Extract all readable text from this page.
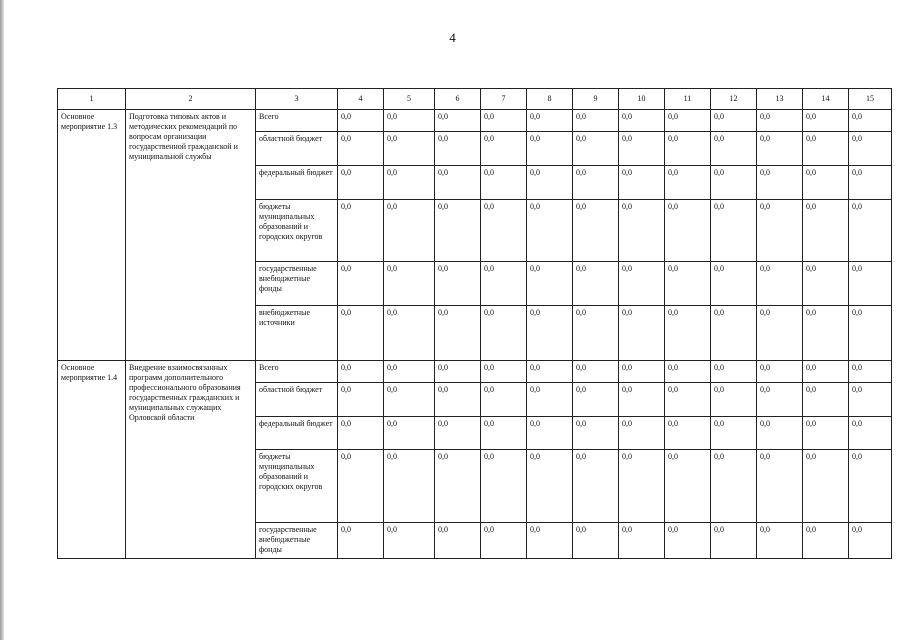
4
1	2	3	4	5	6	7	8	9	10	11	12	13	14	15
Основное мероприятие 1.3	Подготовка типовых актов и методических рекомендаций по вопросам организации государственной гражданской и муниципальной службы	Всего	0,0	0,0	0,0	0,0	0,0	0,0	0,0	0,0	0,0	0,0	0,0	0,0
		областной бюджет	0,0	0,0	0,0	0,0	0,0	0,0	0,0	0,0	0,0	0,0	0,0	0,0
		федеральный бюджет	0,0	0,0	0,0	0,0	0,0	0,0	0,0	0,0	0,0	0,0	0,0	0,0
		бюджеты муниципальных образований и городских округов	0,0	0,0	0,0	0,0	0,0	0,0	0,0	0,0	0,0	0,0	0,0	0,0
		государственные внебюджетные фонды	0,0	0,0	0,0	0,0	0,0	0,0	0,0	0,0	0,0	0,0	0,0	0,0
		внебюджетные источники	0,0	0,0	0,0	0,0	0,0	0,0	0,0	0,0	0,0	0,0	0,0	0,0
Основное мероприятие 1.4	Внедрение взаимосвязанных программ дополнительного профессионального образования государственных гражданских и муниципальных служащих Орловской области	Всего	0,0	0,0	0,0	0,0	0,0	0,0	0,0	0,0	0,0	0,0	0,0	0,0
		областной бюджет	0,0	0,0	0,0	0,0	0,0	0,0	0,0	0,0	0,0	0,0	0,0	0,0
		федеральный бюджет	0,0	0,0	0,0	0,0	0,0	0,0	0,0	0,0	0,0	0,0	0,0	0,0
		бюджеты муниципальных образований и городских округов	0,0	0,0	0,0	0,0	0,0	0,0	0,0	0,0	0,0	0,0	0,0	0,0
		государственные внебюджетные фонды	0,0	0,0	0,0	0,0	0,0	0,0	0,0	0,0	0,0	0,0	0,0	0,0
